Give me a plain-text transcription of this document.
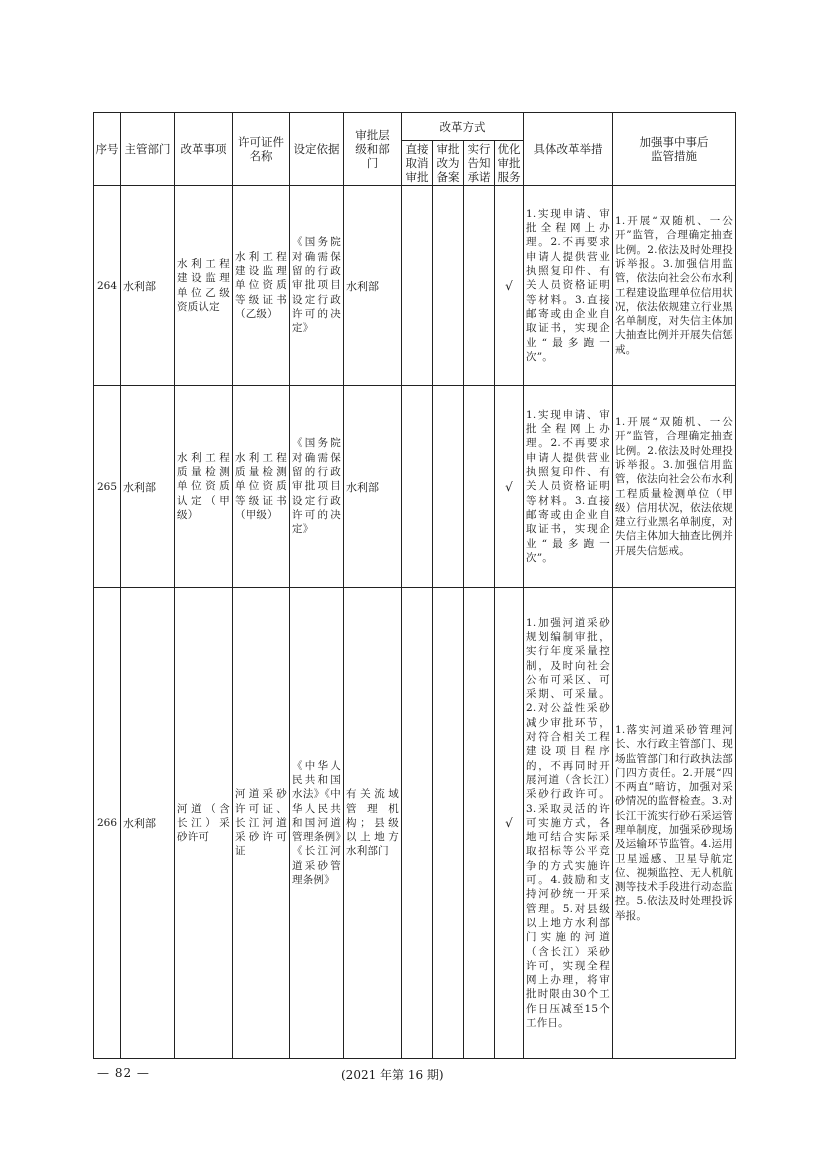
序号	主管部门	改革事项	许可证件名称	设定依据	审批层级和部门	改革方式				具体改革举措	加强事中事后监管措施
						直接取消审批	审批改为备案	实行告知承诺	优化审批服务		
264	水利部	水利工程建设监理单位乙级资质认定	水利工程建设监理单位资质等级证书（乙级）	《国务院对确需保留的行政审批项目设定行政许可的决定》	水利部				√	1.实现申请、审批全程网上办理。2.不再要求申请人提供营业执照复印件、有关人员资格证明等材料。3.直接邮寄或由企业自取证书，实现企业“最多跑一次”。	1.开展“双随机、一公开”监管，合理确定抽查比例。2.依法及时处理投诉举报。3.加强信用监管，依法向社会公布水利工程建设监理单位信用状况，依法依规建立行业黑名单制度，对失信主体加大抽查比例并开展失信惩戒。
265	水利部	水利工程质量检测单位资质认定（甲级）	水利工程质量检测单位资质等级证书（甲级）	《国务院对确需保留的行政审批项目设定行政许可的决定》	水利部				√	1.实现申请、审批全程网上办理。2.不再要求申请人提供营业执照复印件、有关人员资格证明等材料。3.直接邮寄或由企业自取证书，实现企业“最多跑一次”。	1.开展“双随机、一公开”监管，合理确定抽查比例。2.依法及时处理投诉举报。3.加强信用监管，依法向社会公布水利工程质量检测单位（甲级）信用状况，依法依规建立行业黑名单制度，对失信主体加大抽查比例并开展失信惩戒。
266	水利部	河道（含长江）采砂许可	河道采砂许可证、长江河道采砂许可证	《中华人民共和国水法》《中华人民共和国河道管理条例》《长江河道采砂管理条例》	有关流域管理机构；县级以上地方水利部门				√	1.加强河道采砂规划编制审批，实行年度采量控制，及时向社会公布可采区、可采期、可采量。2.对公益性采砂减少审批环节，对符合相关工程建设项目程序的，不再同时开展河道（含长江）采砂行政许可。3.采取灵活的许可实施方式，各地可结合实际采取招标等公平竞争的方式实施许可。4.鼓励和支持河砂统一开采管理。5.对县级以上地方水利部门实施的河道（含长江）采砂许可，实现全程网上办理，将审批时限由30个工作日压减至15个工作日。	1.落实河道采砂管理河长、水行政主管部门、现场监管部门和行政执法部门四方责任。2.开展“四不两直”暗访，加强对采砂情况的监督检查。3.对长江干流实行砂石采运管理单制度，加强采砂现场及运输环节监管。4.运用卫星遥感、卫星导航定位、视频监控、无人机航测等技术手段进行动态监控。5.依法及时处理投诉举报。
— 82 —	(2021 年第 16 期)
